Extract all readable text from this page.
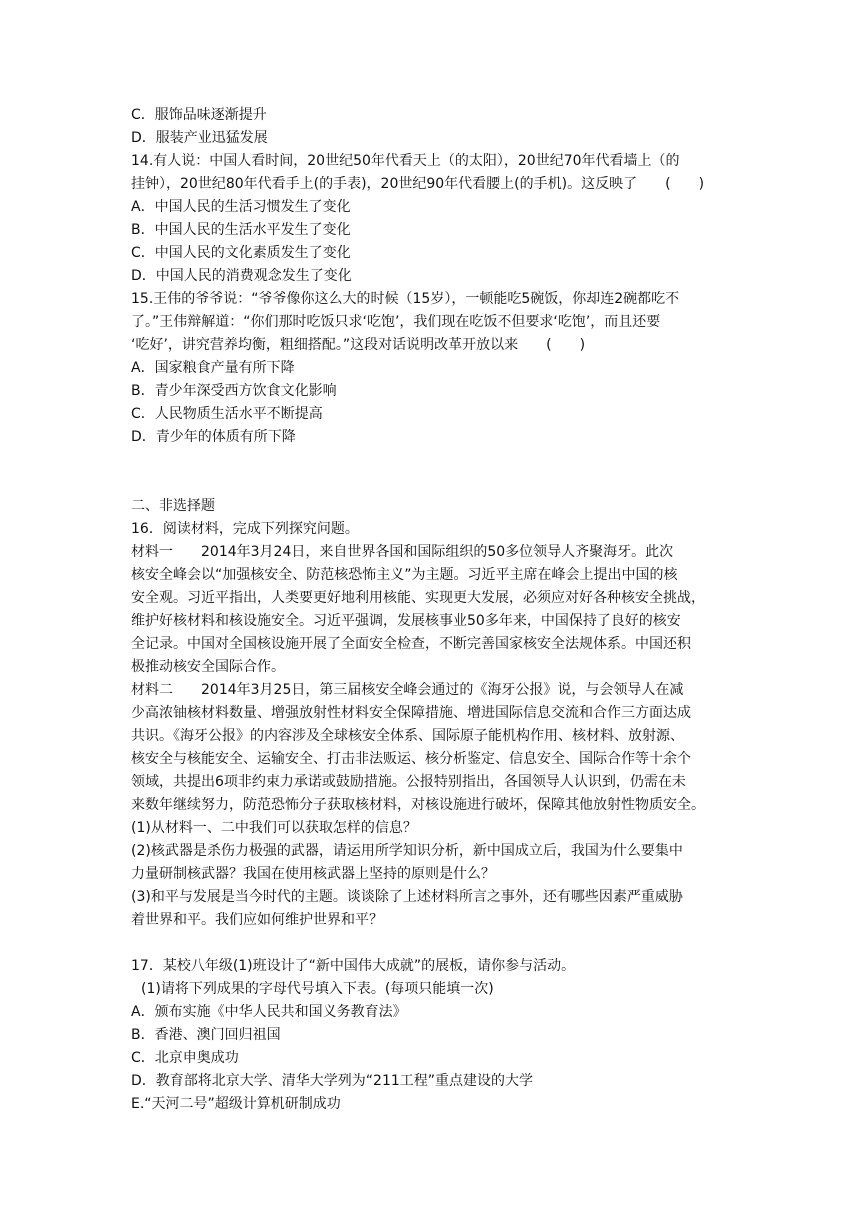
C．服饰品味逐渐提升
D．服装产业迅猛发展
14.有人说：中国人看时间，20世纪50年代看天上（的太阳），20世纪70年代看墙上（的
挂钟），20世纪80年代看手上(的手表)，20世纪90年代看腰上(的手机)。这反映了　　(　　)
A．中国人民的生活习惯发生了变化
B．中国人民的生活水平发生了变化
C．中国人民的文化素质发生了变化
D．中国人民的消费观念发生了变化
15.王伟的爷爷说：“爷爷像你这么大的时候（15岁），一顿能吃5碗饭，你却连2碗都吃不
了。”王伟辩解道：“你们那时吃饭只求‘吃饱’，我们现在吃饭不但要求‘吃饱’，而且还要
‘吃好’，讲究营养均衡，粗细搭配。”这段对话说明改革开放以来　　(　　)
A．国家粮食产量有所下降
B．青少年深受西方饮食文化影响
C．人民物质生活水平不断提高
D．青少年的体质有所下降
二、非选择题
16．阅读材料，完成下列探究问题。
材料一　　2014年3月24日，来自世界各国和国际组织的50多位领导人齐聚海牙。此次
核安全峰会以“加强核安全、防范核恐怖主义”为主题。习近平主席在峰会上提出中国的核
安全观。习近平指出，人类要更好地利用核能、实现更大发展，必须应对好各种核安全挑战，
维护好核材料和核设施安全。习近平强调，发展核事业50多年来，中国保持了良好的核安
全记录。中国对全国核设施开展了全面安全检查，不断完善国家核安全法规体系。中国还积
极推动核安全国际合作。
材料二　　2014年3月25日，第三届核安全峰会通过的《海牙公报》说，与会领导人在减
少高浓铀核材料数量、增强放射性材料安全保障措施、增进国际信息交流和合作三方面达成
共识。《海牙公报》的内容涉及全球核安全体系、国际原子能机构作用、核材料、放射源、
核安全与核能安全、运输安全、打击非法贩运、核分析鉴定、信息安全、国际合作等十余个
领域，共提出6项非约束力承诺或鼓励措施。公报特别指出，各国领导人认识到，仍需在未
来数年继续努力，防范恐怖分子获取核材料，对核设施进行破坏，保障其他放射性物质安全。
(1)从材料一、二中我们可以获取怎样的信息？
(2)核武器是杀伤力极强的武器，请运用所学知识分析，新中国成立后，我国为什么要集中
力量研制核武器？我国在使用核武器上坚持的原则是什么？
(3)和平与发展是当今时代的主题。谈谈除了上述材料所言之事外，还有哪些因素严重威胁
着世界和平。我们应如何维护世界和平？
17．某校八年级(1)班设计了“新中国伟大成就”的展板，请你参与活动。
(1)请将下列成果的字母代号填入下表。(每项只能填一次)
A．颁布实施《中华人民共和国义务教育法》
B．香港、澳门回归祖国
C．北京申奥成功
D．教育部将北京大学、清华大学列为“211工程”重点建设的大学
E.“天河二号”超级计算机研制成功
